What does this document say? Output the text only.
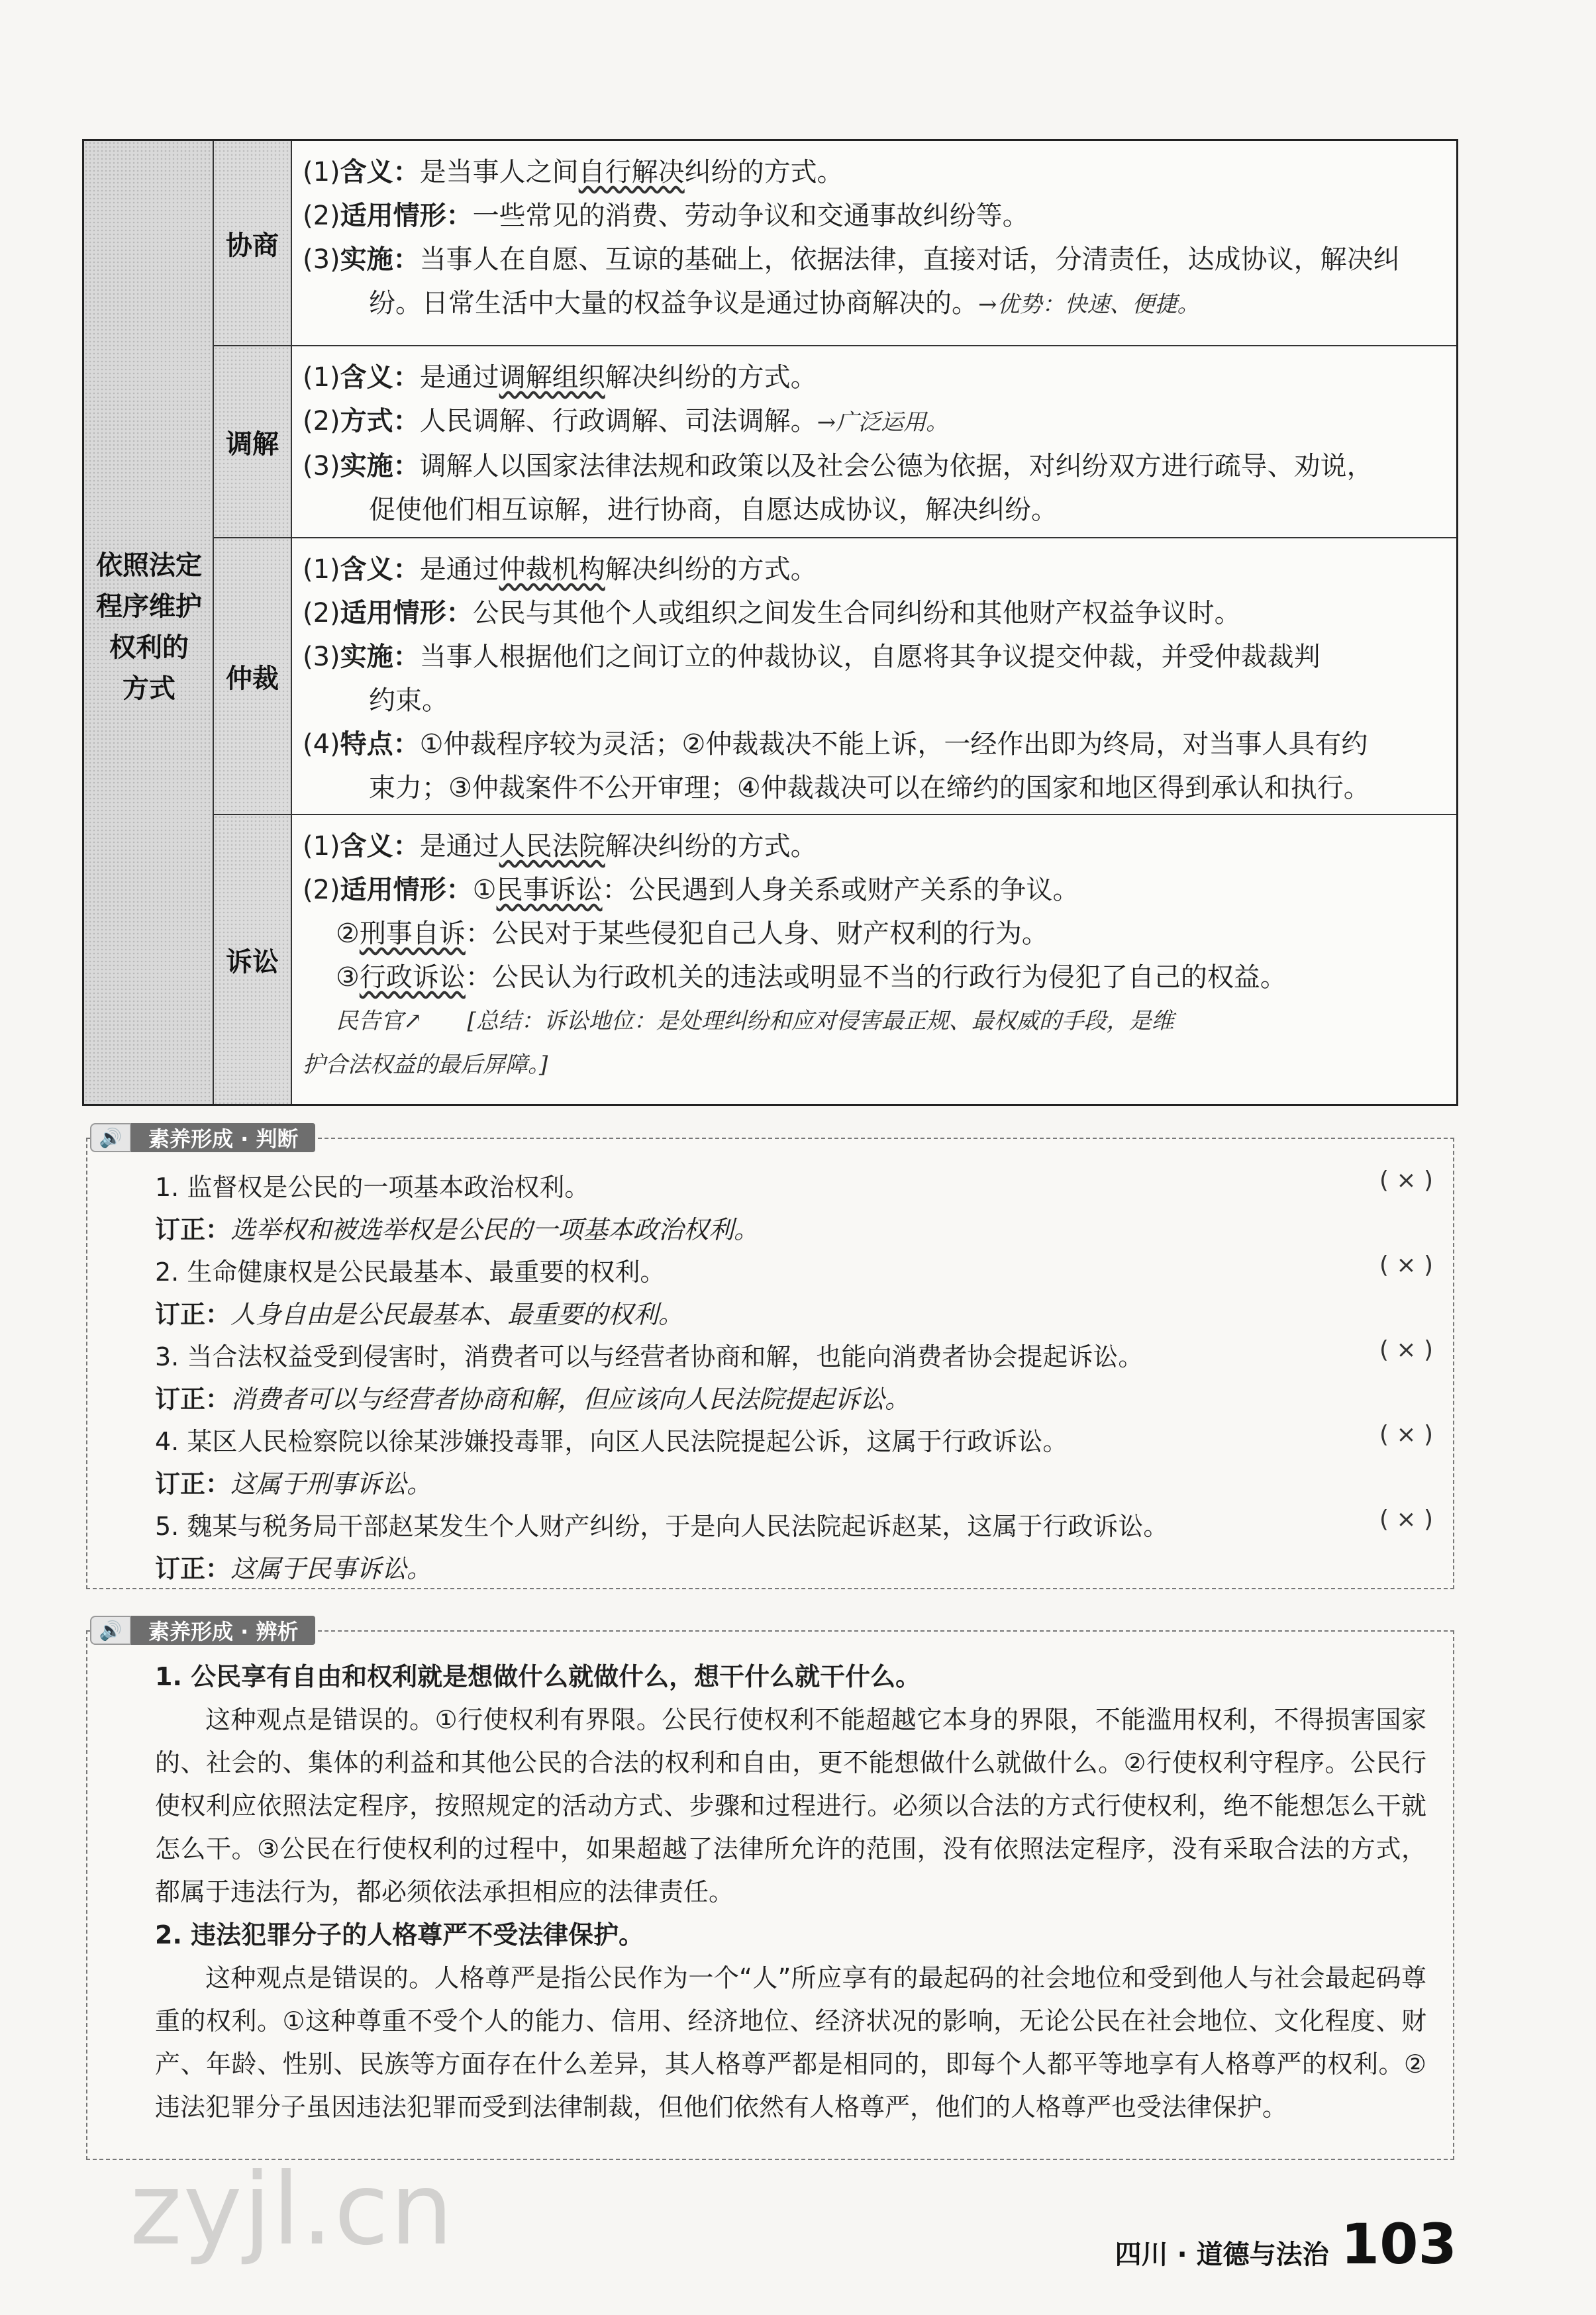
依照法定
程序维护
权利的
方式
协商
(1)含义：是当事人之间自行解决纠纷的方式。
(2)适用情形：一些常见的消费、劳动争议和交通事故纠纷等。
(3)实施：当事人在自愿、互谅的基础上，依据法律，直接对话，分清责任，达成协议，解决纠
纷。日常生活中大量的权益争议是通过协商解决的。→优势：快速、便捷。
调解
(1)含义：是通过调解组织解决纠纷的方式。
(2)方式：人民调解、行政调解、司法调解。→广泛运用。
(3)实施：调解人以国家法律法规和政策以及社会公德为依据，对纠纷双方进行疏导、劝说，
促使他们相互谅解，进行协商，自愿达成协议，解决纠纷。
仲裁
(1)含义：是通过仲裁机构解决纠纷的方式。
(2)适用情形：公民与其他个人或组织之间发生合同纠纷和其他财产权益争议时。
(3)实施：当事人根据他们之间订立的仲裁协议，自愿将其争议提交仲裁，并受仲裁裁判
约束。
(4)特点：①仲裁程序较为灵活；②仲裁裁决不能上诉，一经作出即为终局，对当事人具有约
束力；③仲裁案件不公开审理；④仲裁裁决可以在缔约的国家和地区得到承认和执行。
诉讼
(1)含义：是通过人民法院解决纠纷的方式。
(2)适用情形：①民事诉讼：公民遇到人身关系或财产关系的争议。
②刑事自诉：公民对于某些侵犯自己人身、财产权利的行为。
③行政诉讼：公民认为行政机关的违法或明显不当的行政行为侵犯了自己的权益。
民告官↗　　[总结：诉讼地位：是处理纠纷和应对侵害最正规、最权威的手段，是维
护合法权益的最后屏障。]
🔊	素养形成 · 判断
1. 监督权是公民的一项基本政治权利。	( × )
订正：选举权和被选举权是公民的一项基本政治权利。
2. 生命健康权是公民最基本、最重要的权利。	( × )
订正：人身自由是公民最基本、最重要的权利。
3. 当合法权益受到侵害时，消费者可以与经营者协商和解，也能向消费者协会提起诉讼。	( × )
订正：消费者可以与经营者协商和解，但应该向人民法院提起诉讼。
4. 某区人民检察院以徐某涉嫌投毒罪，向区人民法院提起公诉，这属于行政诉讼。	( × )
订正：这属于刑事诉讼。
5. 魏某与税务局干部赵某发生个人财产纠纷，于是向人民法院起诉赵某，这属于行政诉讼。	( × )
订正：这属于民事诉讼。
🔊	素养形成 · 辨析
1. 公民享有自由和权利就是想做什么就做什么，想干什么就干什么。
这种观点是错误的。①行使权利有界限。公民行使权利不能超越它本身的界限，不能滥用权利，不得损害国家的、社会的、集体的利益和其他公民的合法的权利和自由，更不能想做什么就做什么。②行使权利守程序。公民行使权利应依照法定程序，按照规定的活动方式、步骤和过程进行。必须以合法的方式行使权利，绝不能想怎么干就怎么干。③公民在行使权利的过程中，如果超越了法律所允许的范围，没有依照法定程序，没有采取合法的方式，都属于违法行为，都必须依法承担相应的法律责任。
2. 违法犯罪分子的人格尊严不受法律保护。
这种观点是错误的。人格尊严是指公民作为一个“人”所应享有的最起码的社会地位和受到他人与社会最起码尊重的权利。①这种尊重不受个人的能力、信用、经济地位、经济状况的影响，无论公民在社会地位、文化程度、财产、年龄、性别、民族等方面存在什么差异，其人格尊严都是相同的，即每个人都平等地享有人格尊严的权利。②违法犯罪分子虽因违法犯罪而受到法律制裁，但他们依然有人格尊严，他们的人格尊严也受法律保护。
zyjl.cn	四川 · 道德与法治 103
